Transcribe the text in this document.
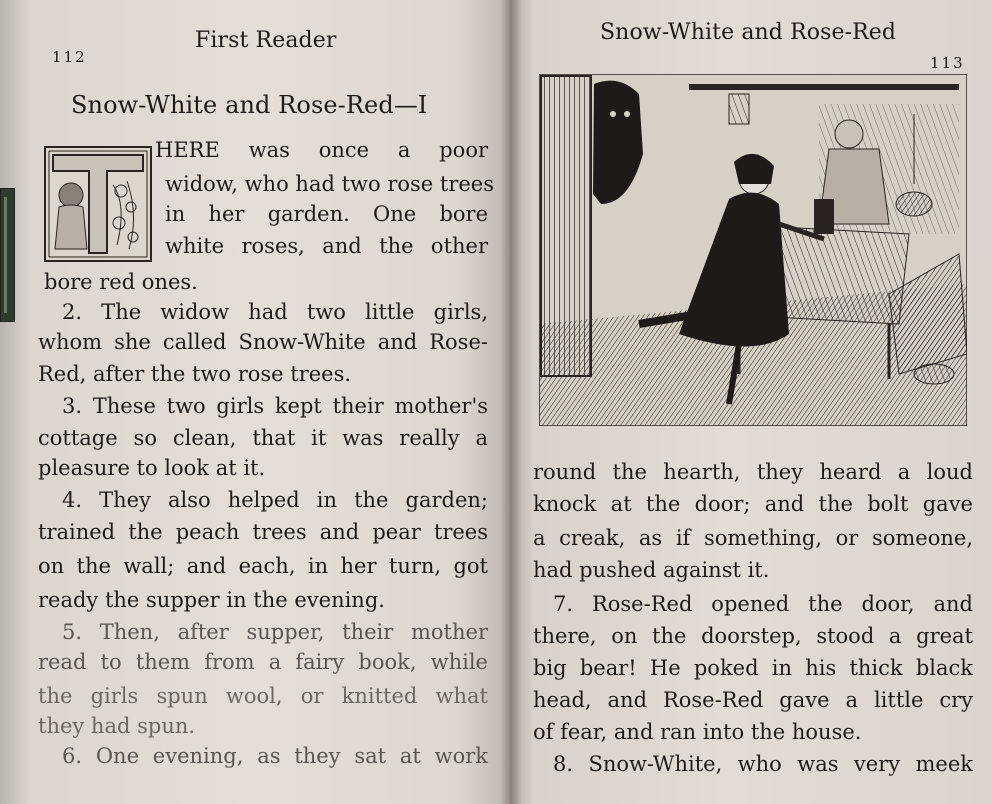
112
First Reader
Snow-White and Rose-Red—I
HERE was once a poor
widow, who had two rose trees
in her garden. One bore
white roses, and the other
bore red ones.
2. The widow had two little girls,
whom she called Snow-White and Rose-
Red, after the two rose trees.
3. These two girls kept their mother's
cottage so clean, that it was really a
pleasure to look at it.
4. They also helped in the garden;
trained the peach trees and pear trees
on the wall; and each, in her turn, got
ready the supper in the evening.
5. Then, after supper, their mother
read to them from a fairy book, while
the girls spun wool, or knitted what
they had spun.
6. One evening, as they sat at work
Snow-White and Rose-Red
113
round the hearth, they heard a loud
knock at the door; and the bolt gave
a creak, as if something, or someone,
had pushed against it.
7. Rose-Red opened the door, and
there, on the doorstep, stood a great
big bear! He poked in his thick black
head, and Rose-Red gave a little cry
of fear, and ran into the house.
8. Snow-White, who was very meek
